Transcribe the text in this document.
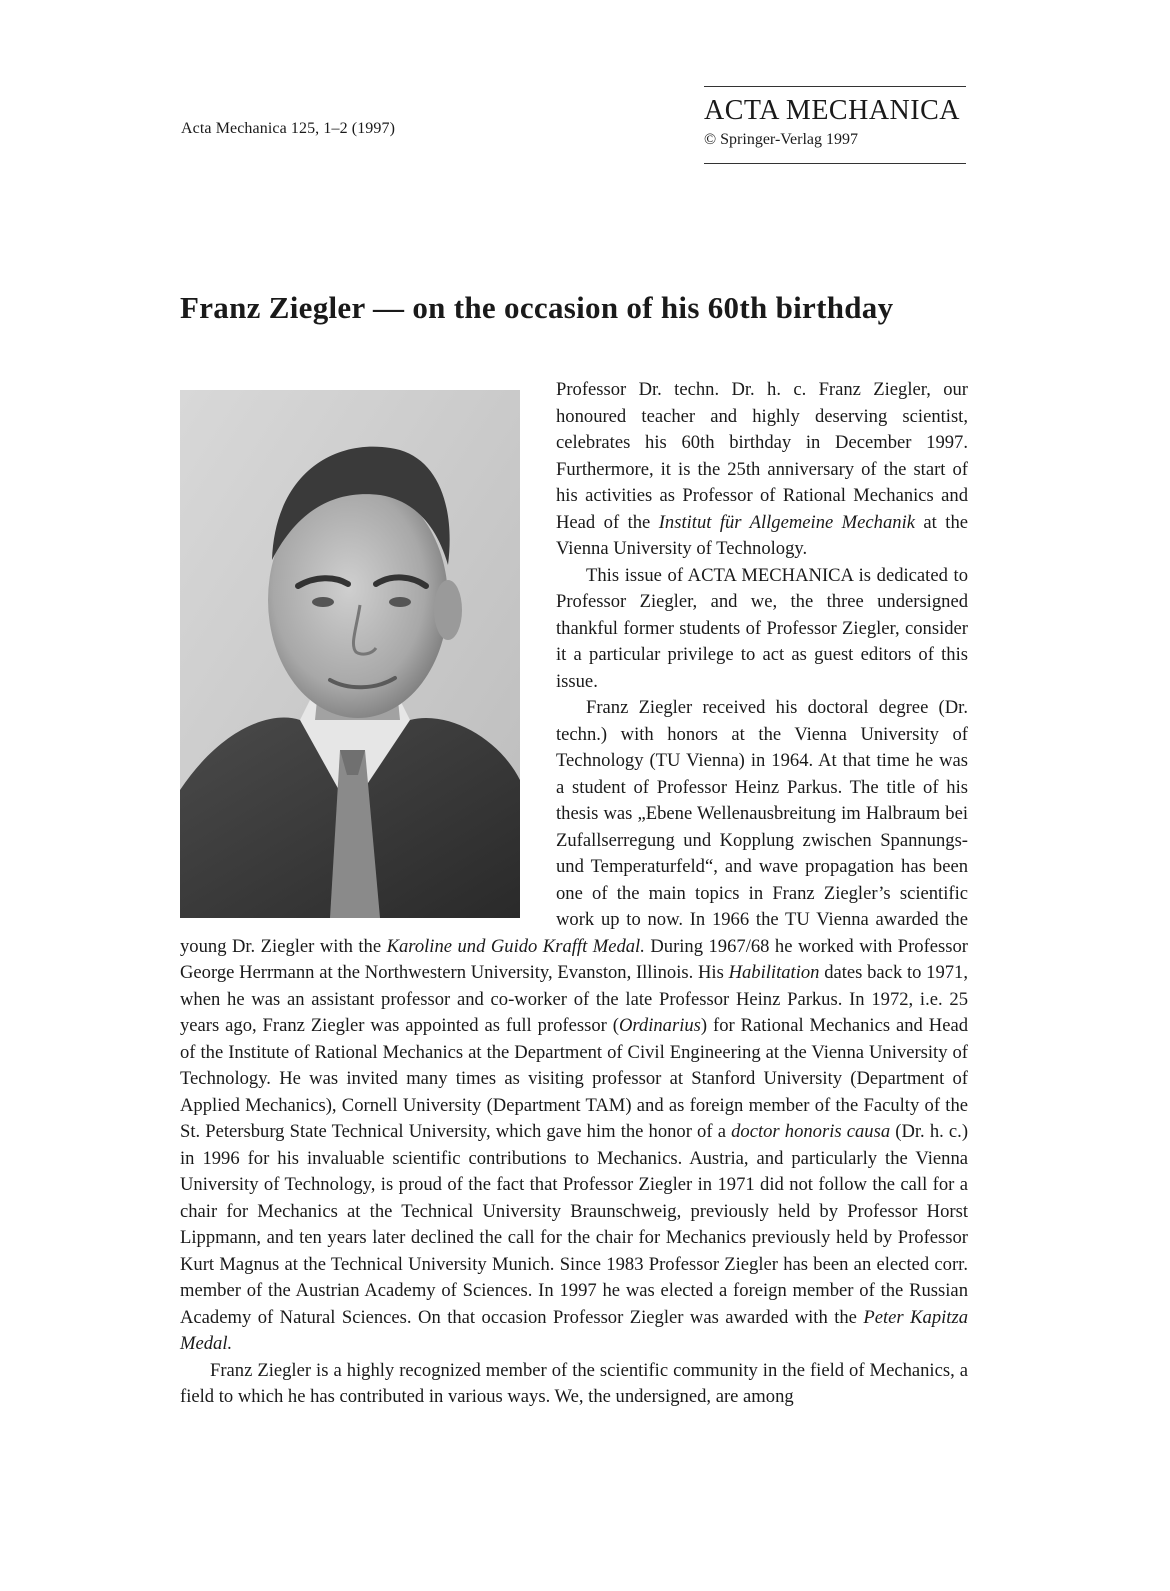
Acta Mechanica 125, 1–2 (1997)
ACTA MECHANICA
© Springer-Verlag 1997
Franz Ziegler — on the occasion of his 60th birthday

Professor Dr. techn. Dr. h. c. Franz Ziegler, our honoured teacher and highly deserving scientist, celebrates his 60th birthday in December 1997. Furthermore, it is the 25th anniversary of the start of his activities as Professor of Rational Mechanics and Head of the Institut für Allgemeine Mechanik at the Vienna University of Technology.

This issue of ACTA MECHANICA is dedicated to Professor Ziegler, and we, the three undersigned thankful former students of Professor Ziegler, consider it a particular privilege to act as guest editors of this issue.

Franz Ziegler received his doctoral degree (Dr. techn.) with honors at the Vienna University of Technology (TU Vienna) in 1964. At that time he was a student of Professor Heinz Parkus. The title of his thesis was „Ebene Wellenausbreitung im Halbraum bei Zufallserregung und Kopplung zwischen Spannungs- und Temperaturfeld“, and wave propagation has been one of the main topics in Franz Ziegler’s scientific work up to now. In 1966 the TU Vienna awarded the young Dr. Ziegler with the Karoline und Guido Krafft Medal. During 1967/68 he worked with Professor George Herrmann at the Northwestern University, Evanston, Illinois. His Habilitation dates back to 1971, when he was an assistant professor and co-worker of the late Professor Heinz Parkus. In 1972, i.e. 25 years ago, Franz Ziegler was appointed as full professor (Ordinarius) for Rational Mechanics and Head of the Institute of Rational Mechanics at the Department of Civil Engineering at the Vienna University of Technology. He was invited many times as visiting professor at Stanford University (Department of Applied Mechanics), Cornell University (Department TAM) and as foreign member of the Faculty of the St. Petersburg State Technical University, which gave him the honor of a doctor honoris causa (Dr. h. c.) in 1996 for his invaluable scientific contributions to Mechanics. Austria, and particularly the Vienna University of Technology, is proud of the fact that Professor Ziegler in 1971 did not follow the call for a chair for Mechanics at the Technical University Braunschweig, previously held by Professor Horst Lippmann, and ten years later declined the call for the chair for Mechanics previously held by Professor Kurt Magnus at the Technical University Munich. Since 1983 Professor Ziegler has been an elected corr. member of the Austrian Academy of Sciences. In 1997 he was elected a foreign member of the Russian Academy of Natural Sciences. On that occasion Professor Ziegler was awarded with the Peter Kapitza Medal.

Franz Ziegler is a highly recognized member of the scientific community in the field of Mechanics, a field to which he has contributed in various ways. We, the undersigned, are among
